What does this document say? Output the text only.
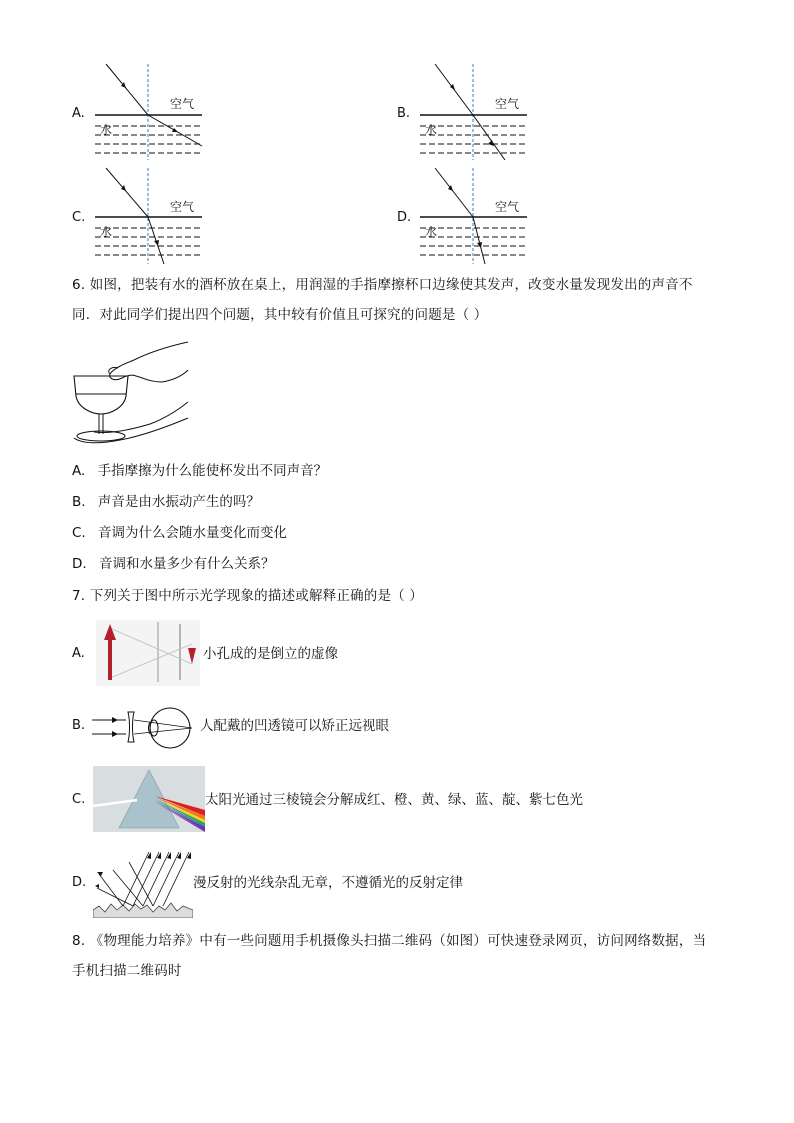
A.
空气
水
B.
空气
水
C.
空气
水
D.
空气
水
6. 如图，把装有水的酒杯放在桌上，用润湿的手指摩擦杯口边缘使其发声，改变水量发现发出的声音不
同．对此同学们提出四个问题，其中较有价值且可探究的问题是（ ）
A. 手指摩擦为什么能使杯发出不同声音？
B. 声音是由水振动产生的吗？
C. 音调为什么会随水量变化而变化
D. 音调和水量多少有什么关系？
7. 下列关于图中所示光学现象的描述或解释正确的是（ ）
A.	小孔成的是倒立的虚像
B.	人配戴的凹透镜可以矫正远视眼
C.	太阳光通过三棱镜会分解成红、橙、黄、绿、蓝、靛、紫七色光
D.	漫反射的光线杂乱无章，不遵循光的反射定律
8. 《物理能力培养》中有一些问题用手机摄像头扫描二维码（如图）可快速登录网页，访问网络数据，当
手机扫描二维码时
